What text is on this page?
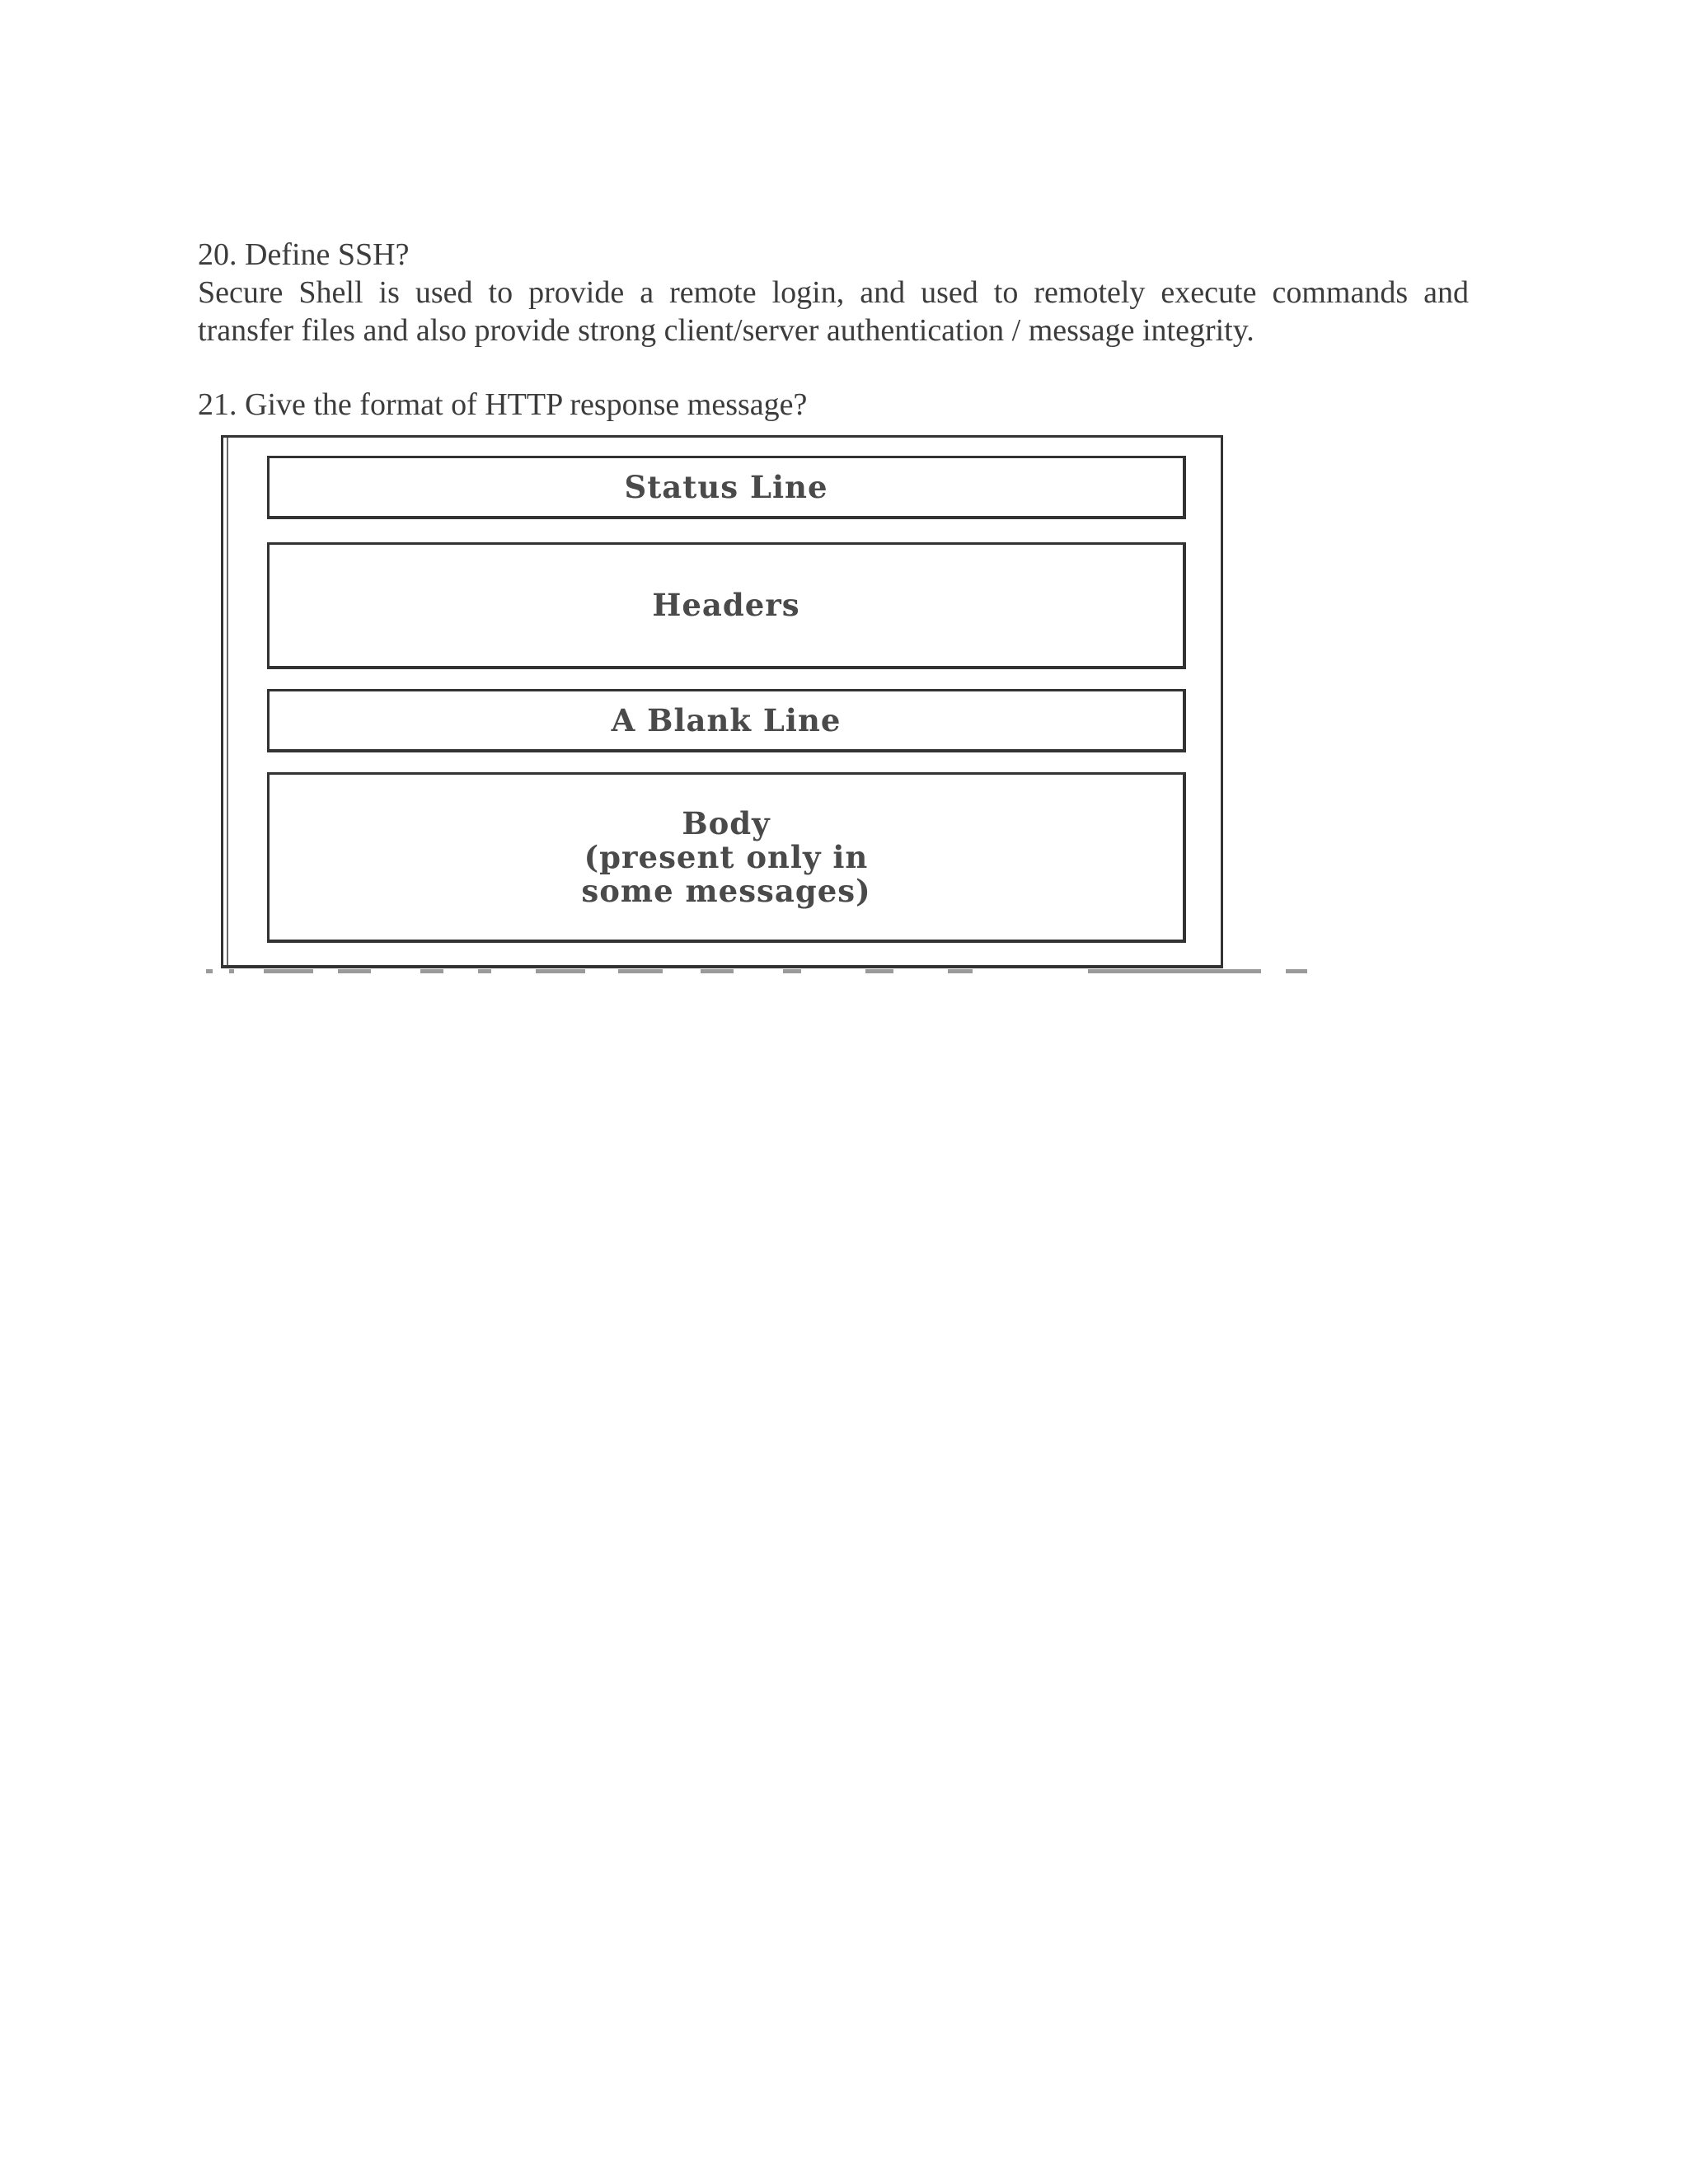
20. Define SSH?
Secure Shell is used to provide a remote login, and used to remotely execute commands and
transfer files and also provide strong client/server authentication / message integrity.
21. Give the format of HTTP response message?
Status Line
Headers
A Blank Line
Body
(present only in
some messages)
